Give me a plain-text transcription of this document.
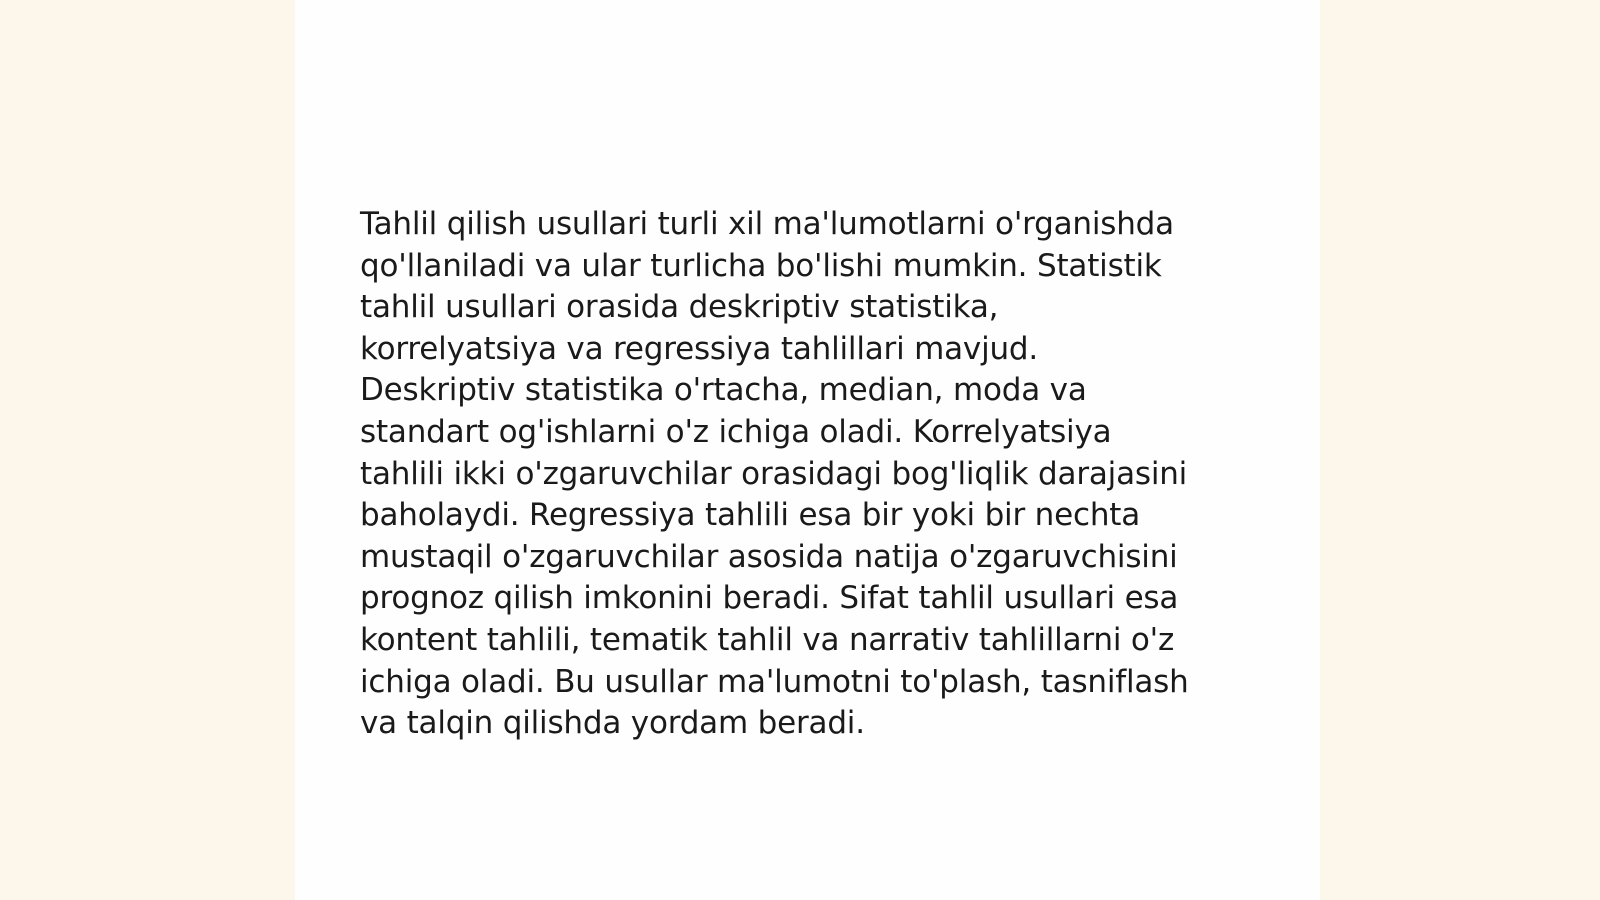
Tahlil qilish usullari turli xil ma'lumotlarni o'rganishda
qo'llaniladi va ular turlicha bo'lishi mumkin. Statistik
tahlil usullari orasida deskriptiv statistika,
korrelyatsiya va regressiya tahlillari mavjud.
Deskriptiv statistika o'rtacha, median, moda va
standart og'ishlarni o'z ichiga oladi. Korrelyatsiya
tahlili ikki o'zgaruvchilar orasidagi bog'liqlik darajasini
baholaydi. Regressiya tahlili esa bir yoki bir nechta
mustaqil o'zgaruvchilar asosida natija o'zgaruvchisini
prognoz qilish imkonini beradi. Sifat tahlil usullari esa
kontent tahlili, tematik tahlil va narrativ tahlillarni o'z
ichiga oladi. Bu usullar ma'lumotni to'plash, tasniflash
va talqin qilishda yordam beradi.
